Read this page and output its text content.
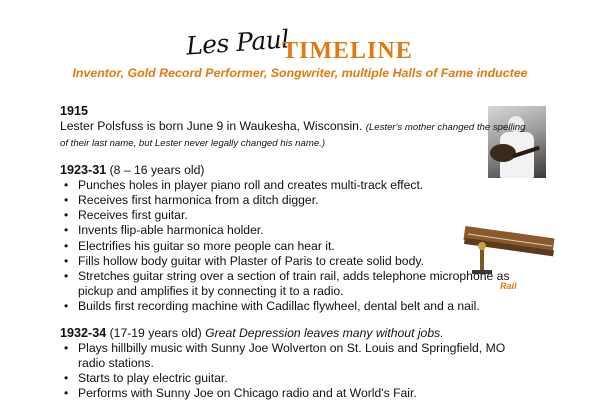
Les Paul
TIMELINE
Inventor, Gold Record Performer, Songwriter, multiple Halls of Fame inductee
Rail
1915
Lester Polsfuss is born June 9 in Waukesha, Wisconsin. (Lester's mother changed the spelling of their last name, but Lester never legally changed his name.)
1923-31 (8 – 16 years old)
• Punches holes in player piano roll and creates multi-track effect.
• Receives first harmonica from a ditch digger.
• Receives first guitar.
• Invents flip-able harmonica holder.
• Electrifies his guitar so more people can hear it.
• Fills hollow body guitar with Plaster of Paris to create solid body.
• Stretches guitar string over a section of train rail, adds telephone microphone as pickup and amplifies it by connecting it to a radio.
• Builds first recording machine with Cadillac flywheel, dental belt and a nail.
1932-34 (17-19 years old) Great Depression leaves many without jobs.
• Plays hillbilly music with Sunny Joe Wolverton on St. Louis and Springfield, MO radio stations.
• Starts to play electric guitar.
• Performs with Sunny Joe on Chicago radio and at World's Fair.
